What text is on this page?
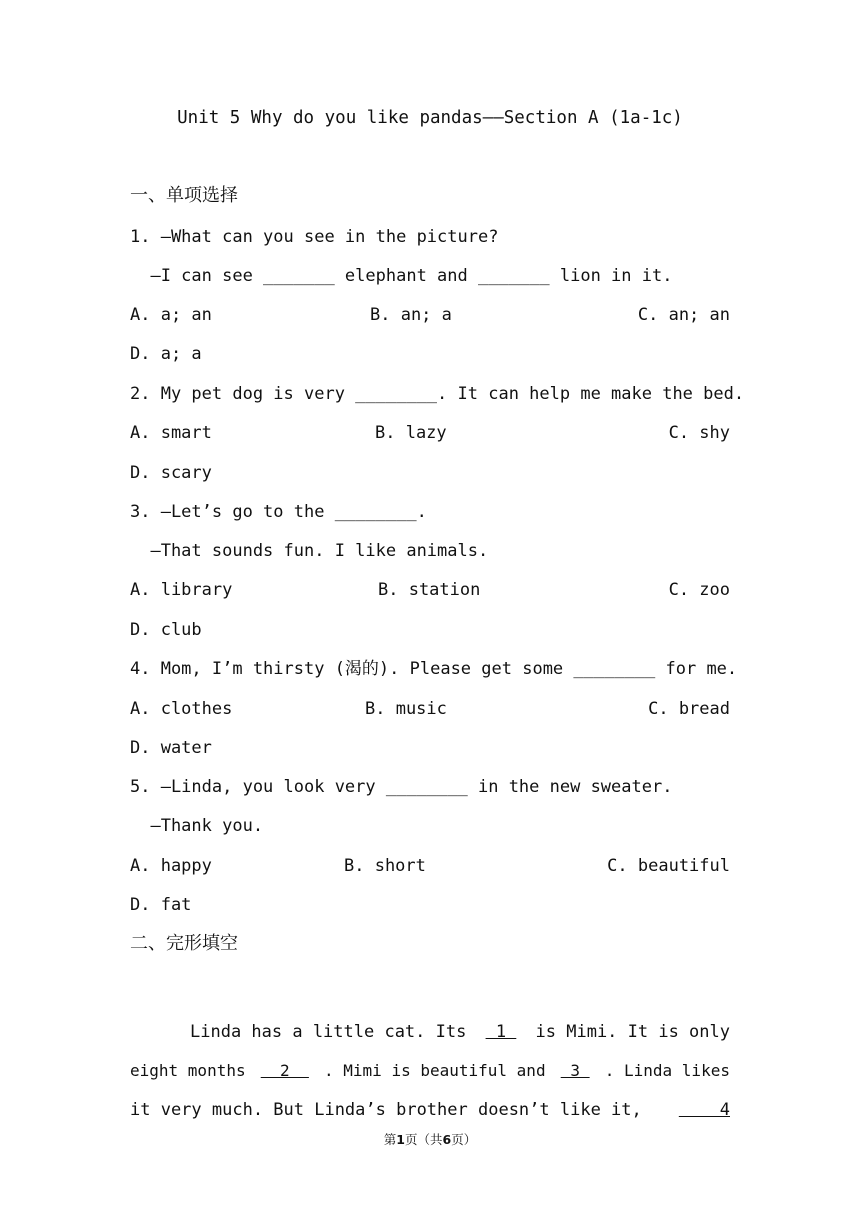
Unit 5 Why do you like pandas——Section A (1a-1c)
一、单项选择
1. —What can you see in the picture?
—I can see _______ elephant and _______ lion in it.
A. a; an	B. an; a	C. an; an
D. a; a
2. My pet dog is very ________. It can help me make the bed.
A. smart	B. lazy	C. shy
D. scary
3. —Let’s go to the ________.
—That sounds fun. I like animals.
A. library	B. station	C. zoo
D. club
4. Mom, I’m thirsty (渴的). Please get some ________ for me.
A. clothes	B. music	C. bread
D. water
5. —Linda, you look very ________ in the new sweater.
—Thank you.
A. happy	B. short	C. beautiful
D. fat
二、完形填空

Linda has a little cat. Its 1 is Mimi. It is only

eight months 2 . Mimi is beautiful and 3 . Linda likes

it very much. But Linda’s brother doesn’t like it, 4

第1页（共6页）
